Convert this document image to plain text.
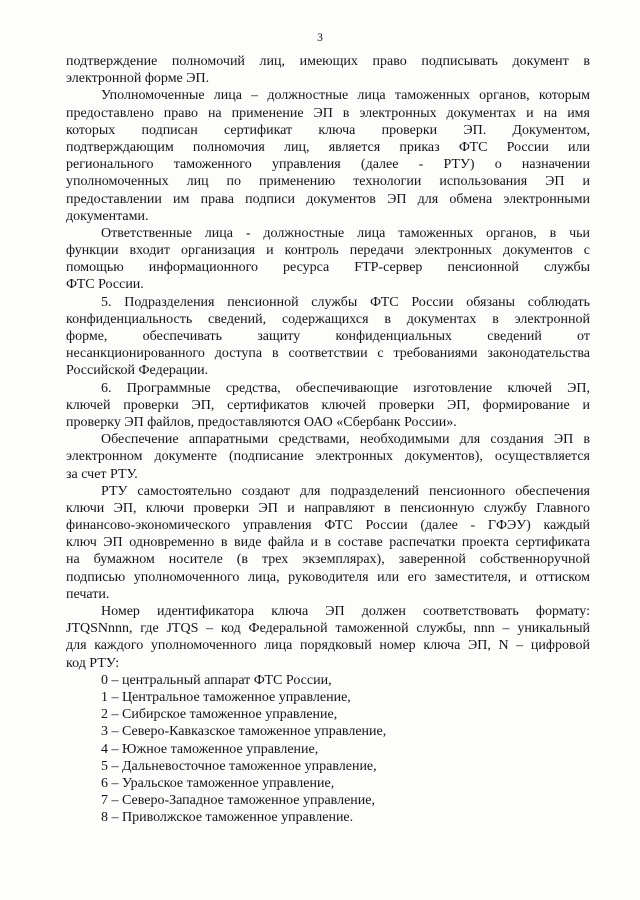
3
подтверждение полномочий лиц, имеющих право подписывать документ в
электронной форме ЭП.
Уполномоченные лица – должностные лица таможенных органов, которым
предоставлено право на применение ЭП в электронных документах и на имя
которых подписан сертификат ключа проверки ЭП. Документом,
подтверждающим полномочия лиц, является приказ ФТС России или
регионального таможенного управления (далее - РТУ) о назначении
уполномоченных лиц по применению технологии использования ЭП и
предоставлении им права подписи документов ЭП для обмена электронными
документами.
Ответственные лица - должностные лица таможенных органов, в чьи
функции входит организация и контроль передачи электронных документов с
помощью информационного ресурса FTP-сервер пенсионной службы
ФТС России.
5. Подразделения пенсионной службы ФТС России обязаны соблюдать
конфиденциальность сведений, содержащихся в документах в электронной
форме, обеспечивать защиту конфиденциальных сведений от
несанкционированного доступа в соответствии с требованиями законодательства
Российской Федерации.
6. Программные средства, обеспечивающие изготовление ключей ЭП,
ключей проверки ЭП, сертификатов ключей проверки ЭП, формирование и
проверку ЭП файлов, предоставляются ОАО «Сбербанк России».
Обеспечение аппаратными средствами, необходимыми для создания ЭП в
электронном документе (подписание электронных документов), осуществляется
за счет РТУ.
РТУ самостоятельно создают для подразделений пенсионного обеспечения
ключи ЭП, ключи проверки ЭП и направляют в пенсионную службу Главного
финансово-экономического управления ФТС России (далее - ГФЭУ) каждый
ключ ЭП одновременно в виде файла и в составе распечатки проекта сертификата
на бумажном носителе (в трех экземплярах), заверенной собственноручной
подписью уполномоченного лица, руководителя или его заместителя, и оттиском
печати.
Номер идентификатора ключа ЭП должен соответствовать формату:
JTQSNnnn, где JTQS – код Федеральной таможенной службы, nnn – уникальный
для каждого уполномоченного лица порядковый номер ключа ЭП, N – цифровой
код РТУ:
0 – центральный аппарат ФТС России,
1 – Центральное таможенное управление,
2 – Сибирское таможенное управление,
3 – Северо-Кавказское таможенное управление,
4 – Южное таможенное управление,
5 – Дальневосточное таможенное управление,
6 – Уральское таможенное управление,
7 – Северо-Западное таможенное управление,
8 – Приволжское таможенное управление.
